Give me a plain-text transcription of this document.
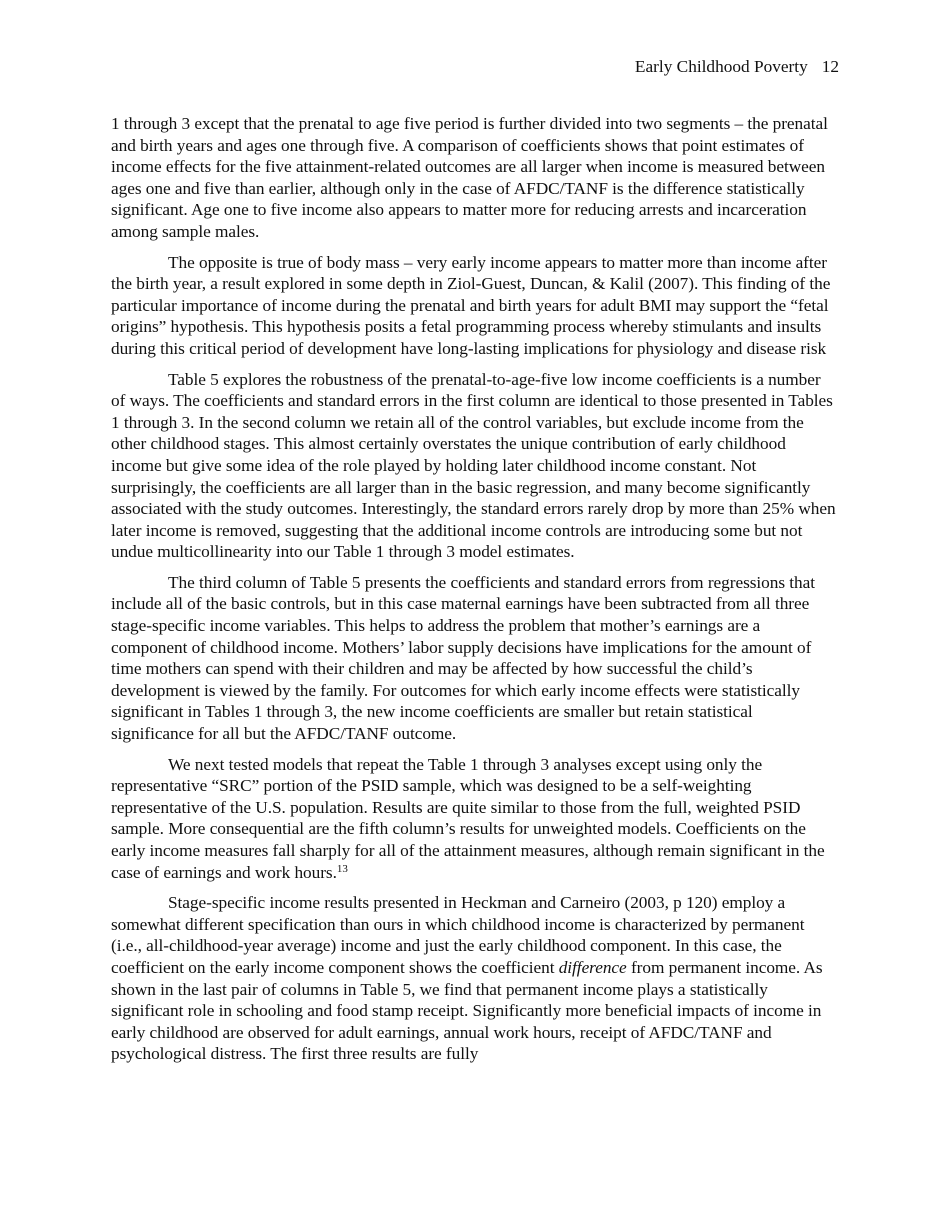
Early Childhood Poverty 12

1 through 3 except that the prenatal to age five period is further divided into two segments – the prenatal and birth years and ages one through five. A comparison of coefficients shows that point estimates of income effects for the five attainment-related outcomes are all larger when income is measured between ages one and five than earlier, although only in the case of AFDC/TANF is the difference statistically significant. Age one to five income also appears to matter more for reducing arrests and incarceration among sample males.

The opposite is true of body mass – very early income appears to matter more than income after the birth year, a result explored in some depth in Ziol-Guest, Duncan, & Kalil (2007). This finding of the particular importance of income during the prenatal and birth years for adult BMI may support the “fetal origins” hypothesis. This hypothesis posits a fetal programming process whereby stimulants and insults during this critical period of development have long-lasting implications for physiology and disease risk

Table 5 explores the robustness of the prenatal-to-age-five low income coefficients is a number of ways. The coefficients and standard errors in the first column are identical to those presented in Tables 1 through 3. In the second column we retain all of the control variables, but exclude income from the other childhood stages. This almost certainly overstates the unique contribution of early childhood income but give some idea of the role played by holding later childhood income constant. Not surprisingly, the coefficients are all larger than in the basic regression, and many become significantly associated with the study outcomes. Interestingly, the standard errors rarely drop by more than 25% when later income is removed, suggesting that the additional income controls are introducing some but not undue multicollinearity into our Table 1 through 3 model estimates.

The third column of Table 5 presents the coefficients and standard errors from regressions that include all of the basic controls, but in this case maternal earnings have been subtracted from all three stage-specific income variables. This helps to address the problem that mother’s earnings are a component of childhood income. Mothers’ labor supply decisions have implications for the amount of time mothers can spend with their children and may be affected by how successful the child’s development is viewed by the family. For outcomes for which early income effects were statistically significant in Tables 1 through 3, the new income coefficients are smaller but retain statistical significance for all but the AFDC/TANF outcome.

We next tested models that repeat the Table 1 through 3 analyses except using only the representative “SRC” portion of the PSID sample, which was designed to be a self-weighting representative of the U.S. population. Results are quite similar to those from the full, weighted PSID sample. More consequential are the fifth column’s results for unweighted models. Coefficients on the early income measures fall sharply for all of the attainment measures, although remain significant in the case of earnings and work hours.$^{13}$

Stage-specific income results presented in Heckman and Carneiro (2003, p 120) employ a somewhat different specification than ours in which childhood income is characterized by permanent (i.e., all-childhood-year average) income and just the early childhood component. In this case, the coefficient on the early income component shows the coefficient difference from permanent income. As shown in the last pair of columns in Table 5, we find that permanent income plays a statistically significant role in schooling and food stamp receipt. Significantly more beneficial impacts of income in early childhood are observed for adult earnings, annual work hours, receipt of AFDC/TANF and psychological distress. The first three results are fully
